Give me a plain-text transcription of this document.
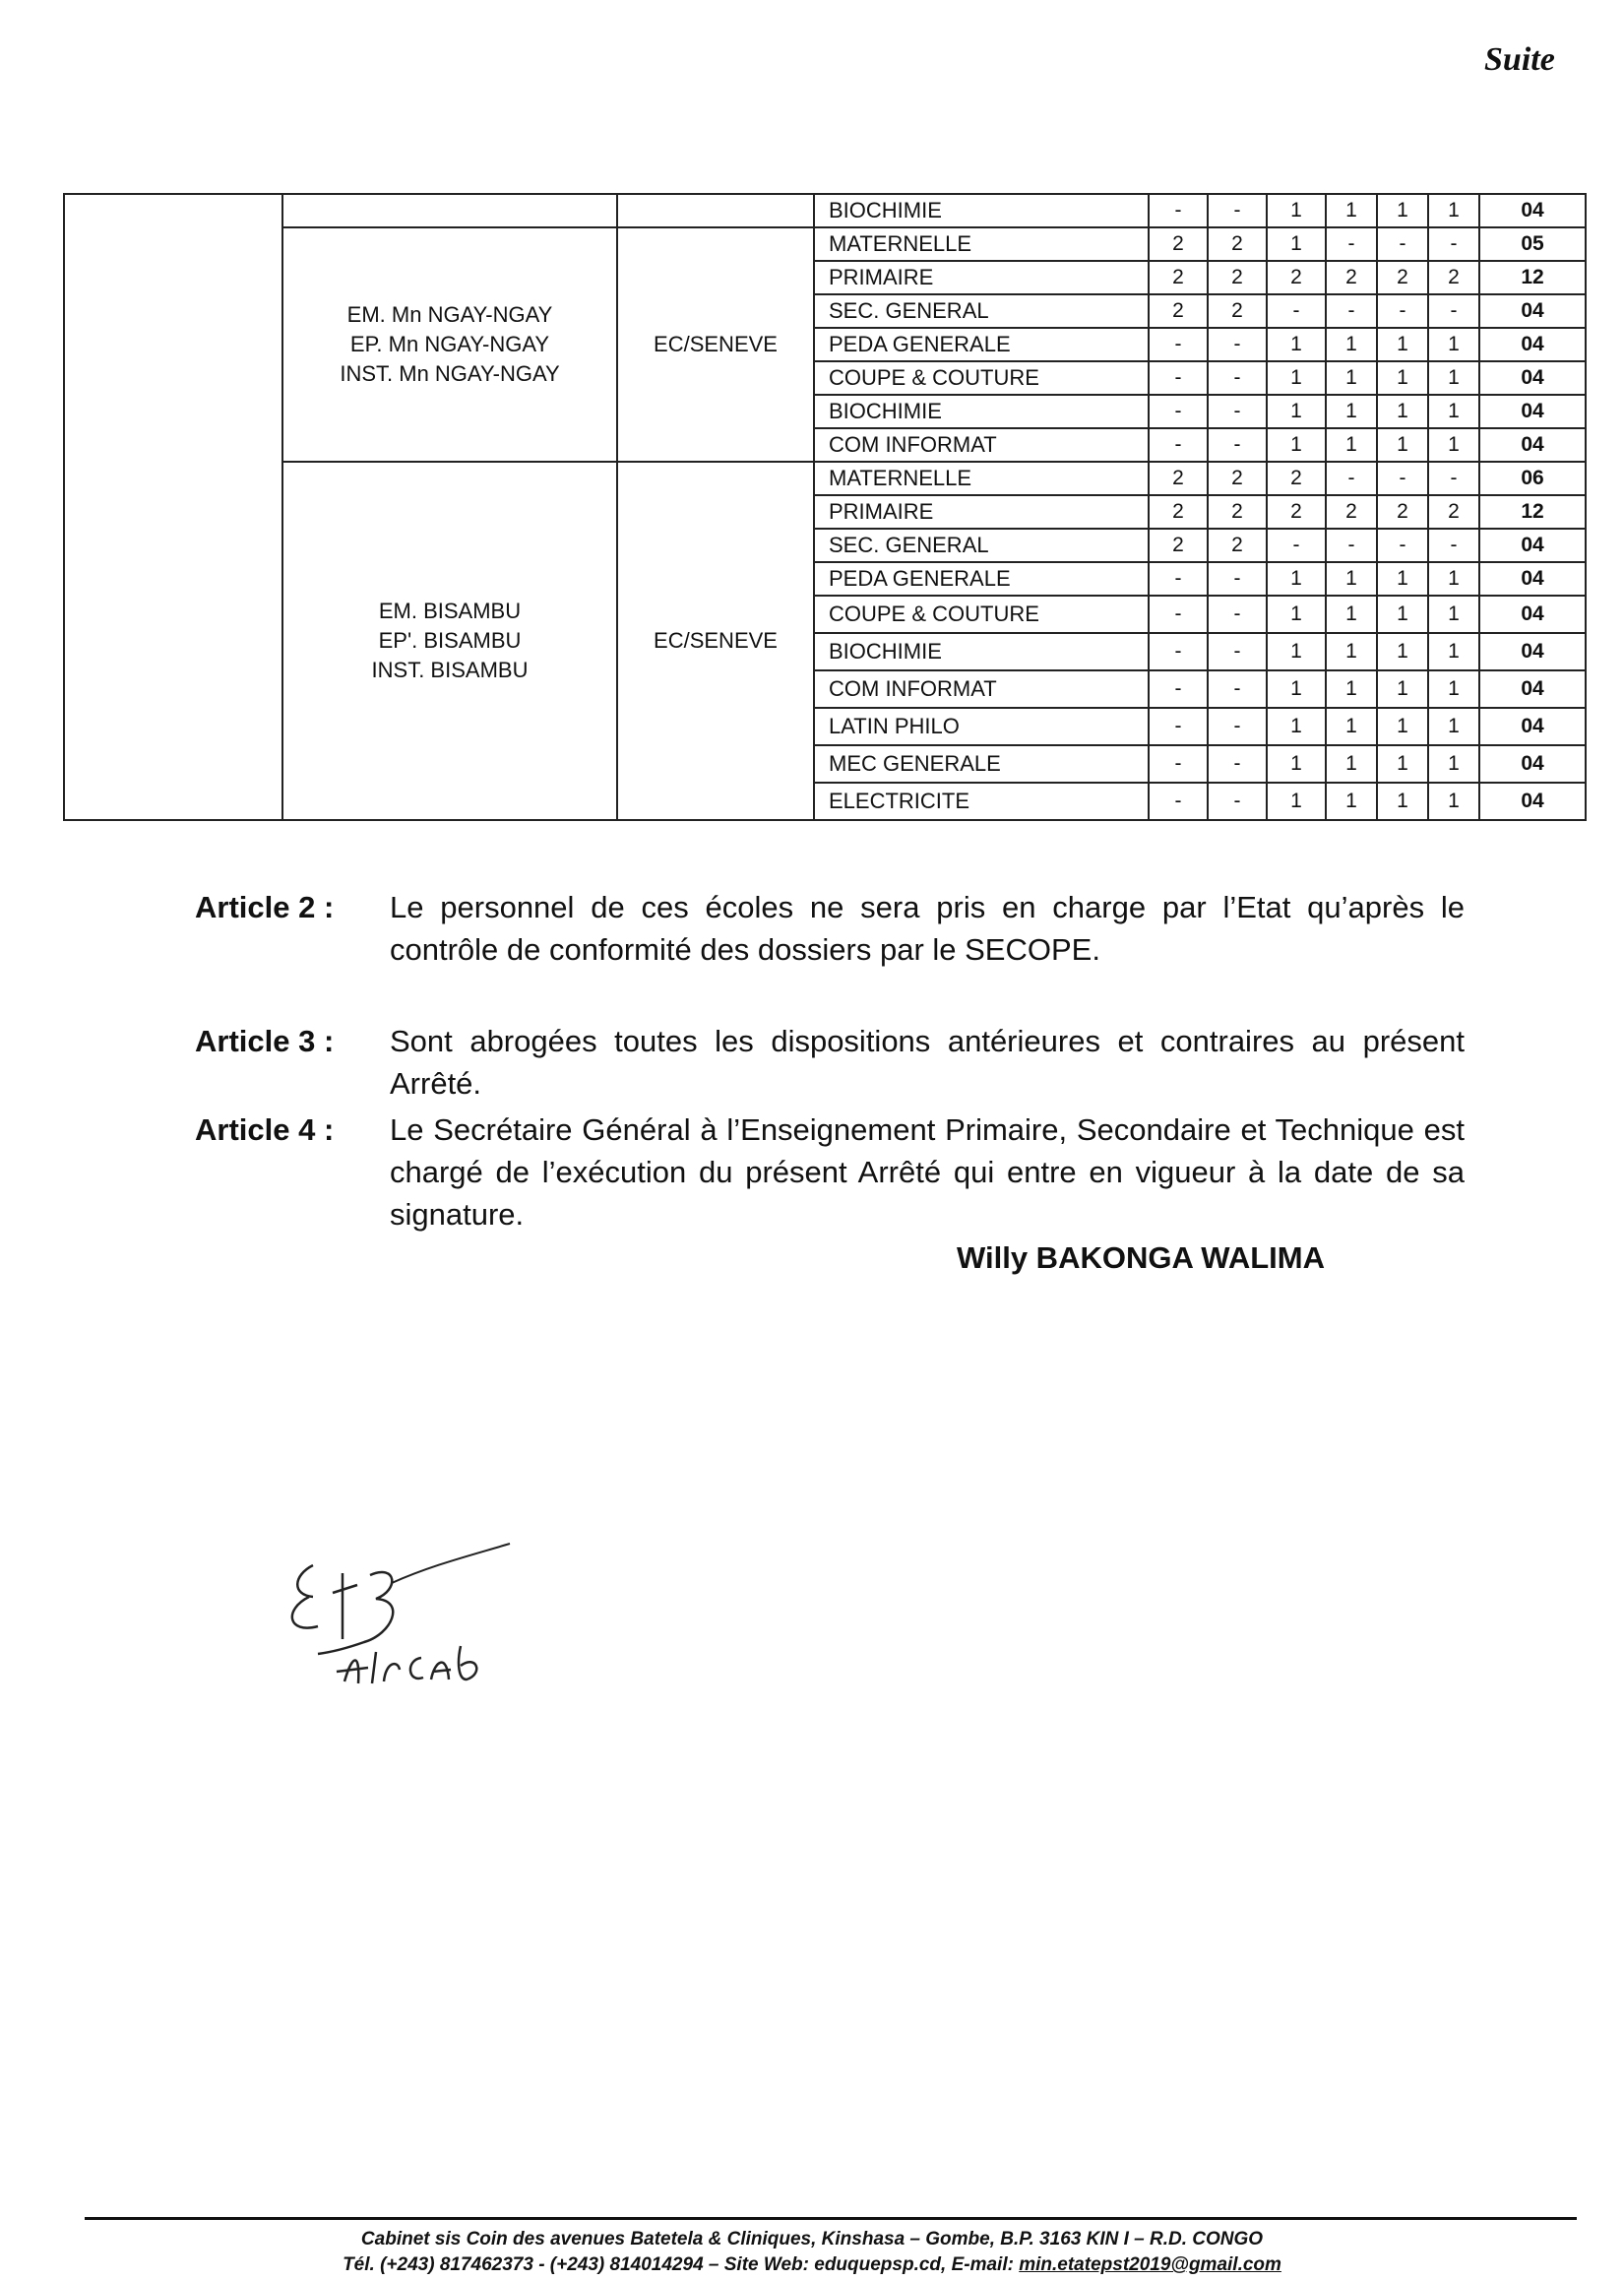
Suite
			BIOCHIMIE	-	-	1	1	1	1	04

	EM. Mn NGAY-NGAY
EP. Mn NGAY-NGAY
INST. Mn NGAY-NGAY	EC/SENEVE	MATERNELLE	2	2	1	-	-	-	05
			PRIMAIRE	2	2	2	2	2	2	12
			SEC. GENERAL	2	2	-	-	-	-	04
			PEDA GENERALE	-	-	1	1	1	1	04
			COUPE & COUTURE	-	-	1	1	1	1	04
			BIOCHIMIE	-	-	1	1	1	1	04
			COM INFORMAT	-	-	1	1	1	1	04

	EM. BISAMBU
EP'. BISAMBU
INST. BISAMBU	EC/SENEVE	MATERNELLE	2	2	2	-	-	-	06
			PRIMAIRE	2	2	2	2	2	2	12
			SEC. GENERAL	2	2	-	-	-	-	04
			PEDA GENERALE	-	-	1	1	1	1	04
			COUPE & COUTURE	-	-	1	1	1	1	04
			BIOCHIMIE	-	-	1	1	1	1	04
			COM INFORMAT	-	-	1	1	1	1	04
			LATIN PHILO	-	-	1	1	1	1	04
			MEC GENERALE	-	-	1	1	1	1	04
			ELECTRICITE	-	-	1	1	1	1	04
Article 2 :	Le personnel de ces écoles ne sera pris en charge par l’Etat qu’après le contrôle de conformité des dossiers par le SECOPE.
Article 3 :	Sont abrogées toutes les dispositions antérieures et contraires au présent Arrêté.
Article 4 :	Le Secrétaire Général à l’Enseignement Primaire, Secondaire et Technique est chargé de l’exécution du présent Arrêté qui entre en vigueur à la date de sa signature.
Willy BAKONGA WALIMA
Cabinet sis Coin des avenues Batetela & Cliniques, Kinshasa – Gombe, B.P. 3163 KIN I – R.D. CONGO
Tél. (+243) 817462373 - (+243) 814014294 – Site Web: eduquepsp.cd, E-mail: min.etatepst2019@gmail.com
